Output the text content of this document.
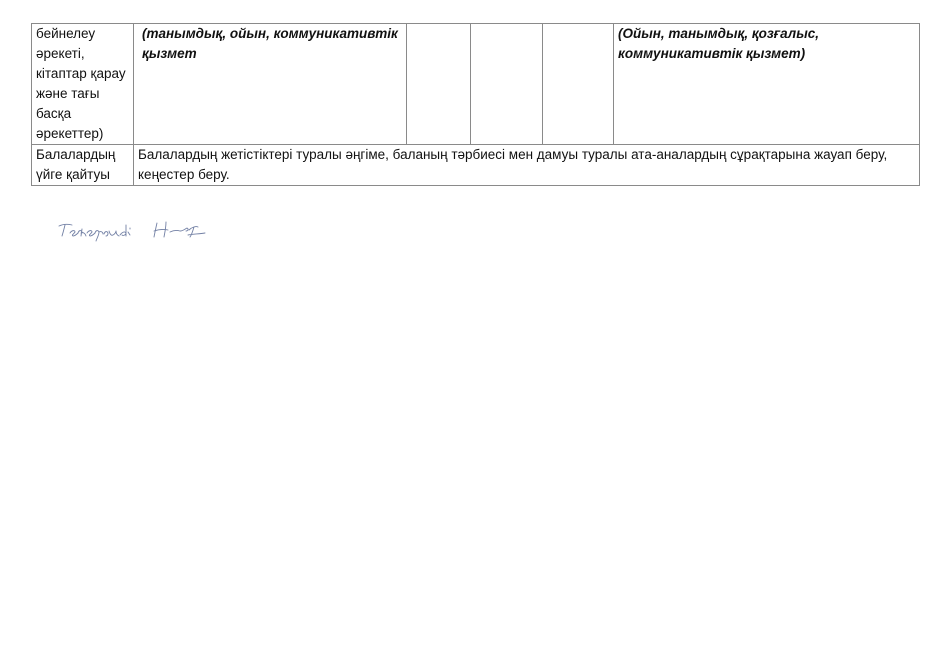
бейнелеу әрекеті, кітаптар қарау және тағы басқа әрекеттер)	(танымдық, ойын, коммуникативтік қызмет				(Ойын, танымдық, қозғалыс, коммуникативтік қызмет)

Балалардың үйге қайтуы	Балалардың жетістіктері туралы әңгіме, баланың тәрбиесі мен дамуы туралы ата-аналардың сұрақтарына жауап беру, кеңестер беру.				
